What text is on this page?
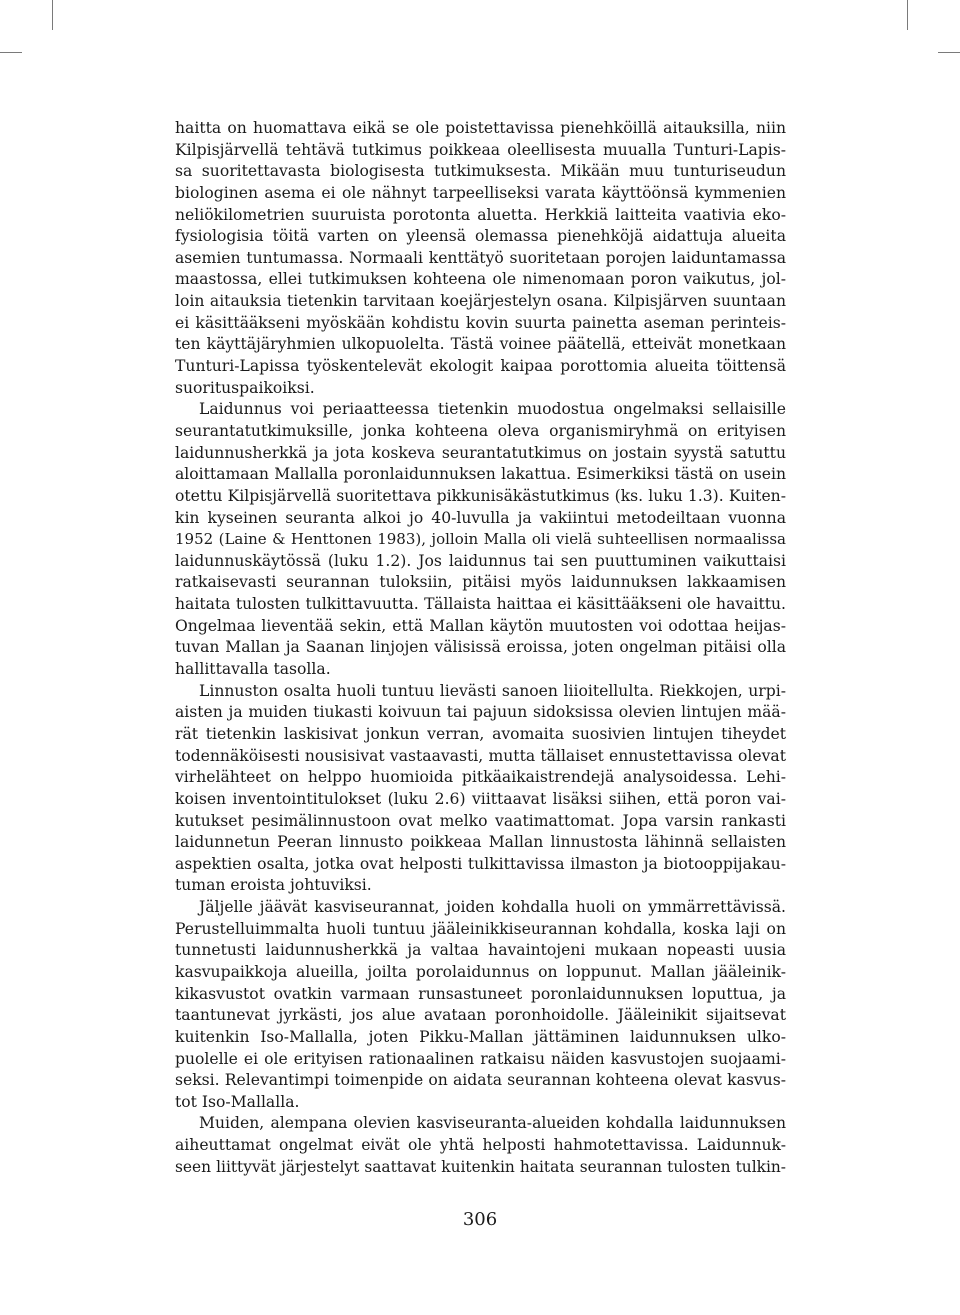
haitta on huomattava eikä se ole poistettavissa pienehköillä aitauksilla, niin
Kilpisjärvellä tehtävä tutkimus poikkeaa oleellisesta muualla Tunturi-Lapis-
sa suoritettavasta biologisesta tutkimuksesta. Mikään muu tunturiseudun
biologinen asema ei ole nähnyt tarpeelliseksi varata käyttöönsä kymmenien
neliökilometrien suuruista porotonta aluetta. Herkkiä laitteita vaativia eko-
fysiologisia töitä varten on yleensä olemassa pienehköjä aidattuja alueita
asemien tuntumassa. Normaali kenttätyö suoritetaan porojen laiduntamassa
maastossa, ellei tutkimuksen kohteena ole nimenomaan poron vaikutus, jol-
loin aitauksia tietenkin tarvitaan koejärjestelyn osana. Kilpisjärven suuntaan
ei käsittääkseni myöskään kohdistu kovin suurta painetta aseman perinteis-
ten käyttäjäryhmien ulkopuolelta. Tästä voinee päätellä, etteivät monetkaan
Tunturi-Lapissa työskentelevät ekologit kaipaa porottomia alueita töittensä
suorituspaikoiksi.
Laidunnus voi periaatteessa tietenkin muodostua ongelmaksi sellaisille
seurantatutkimuksille, jonka kohteena oleva organismiryhmä on erityisen
laidunnusherkkä ja jota koskeva seurantatutkimus on jostain syystä satuttu
aloittamaan Mallalla poronlaidunnuksen lakattua. Esimerkiksi tästä on usein
otettu Kilpisjärvellä suoritettava pikkunisäkästutkimus (ks. luku 1.3). Kuiten-
kin kyseinen seuranta alkoi jo 40-luvulla ja vakiintui metodeiltaan vuonna
1952 (Laine & Henttonen 1983), jolloin Malla oli vielä suhteellisen normaalissa
laidunnuskäytössä (luku 1.2). Jos laidunnus tai sen puuttuminen vaikuttaisi
ratkaisevasti seurannan tuloksiin, pitäisi myös laidunnuksen lakkaamisen
haitata tulosten tulkittavuutta. Tällaista haittaa ei käsittääkseni ole havaittu.
Ongelmaa lieventää sekin, että Mallan käytön muutosten voi odottaa heijas-
tuvan Mallan ja Saanan linjojen välisissä eroissa, joten ongelman pitäisi olla
hallittavalla tasolla.
Linnuston osalta huoli tuntuu lievästi sanoen liioitellulta. Riekkojen, urpi-
aisten ja muiden tiukasti koivuun tai pajuun sidoksissa olevien lintujen mää-
rät tietenkin laskisivat jonkun verran, avomaita suosivien lintujen tiheydet
todennäköisesti nousisivat vastaavasti, mutta tällaiset ennustettavissa olevat
virhelähteet on helppo huomioida pitkäaikaistrendejä analysoidessa. Lehi-
koisen inventointitulokset (luku 2.6) viittaavat lisäksi siihen, että poron vai-
kutukset pesimälinnustoon ovat melko vaatimattomat. Jopa varsin rankasti
laidunnetun Peeran linnusto poikkeaa Mallan linnustosta lähinnä sellaisten
aspektien osalta, jotka ovat helposti tulkittavissa ilmaston ja biotooppijakau-
tuman eroista johtuviksi.
Jäljelle jäävät kasviseurannat, joiden kohdalla huoli on ymmärrettävissä.
Perustelluimmalta huoli tuntuu jääleinikkiseurannan kohdalla, koska laji on
tunnetusti laidunnusherkkä ja valtaa havaintojeni mukaan nopeasti uusia
kasvupaikkoja alueilla, joilta porolaidunnus on loppunut. Mallan jääleinik-
kikasvustot ovatkin varmaan runsastuneet poronlaidunnuksen loputtua, ja
taantunevat jyrkästi, jos alue avataan poronhoidolle. Jääleinikit sijaitsevat
kuitenkin Iso-Mallalla, joten Pikku-Mallan jättäminen laidunnuksen ulko-
puolelle ei ole erityisen rationaalinen ratkaisu näiden kasvustojen suojaami-
seksi. Relevantimpi toimenpide on aidata seurannan kohteena olevat kasvus-
tot Iso-Mallalla.
Muiden, alempana olevien kasviseuranta-alueiden kohdalla laidunnuksen
aiheuttamat ongelmat eivät ole yhtä helposti hahmotettavissa. Laidunnuk-
seen liittyvät järjestelyt saattavat kuitenkin haitata seurannan tulosten tulkin-
306
